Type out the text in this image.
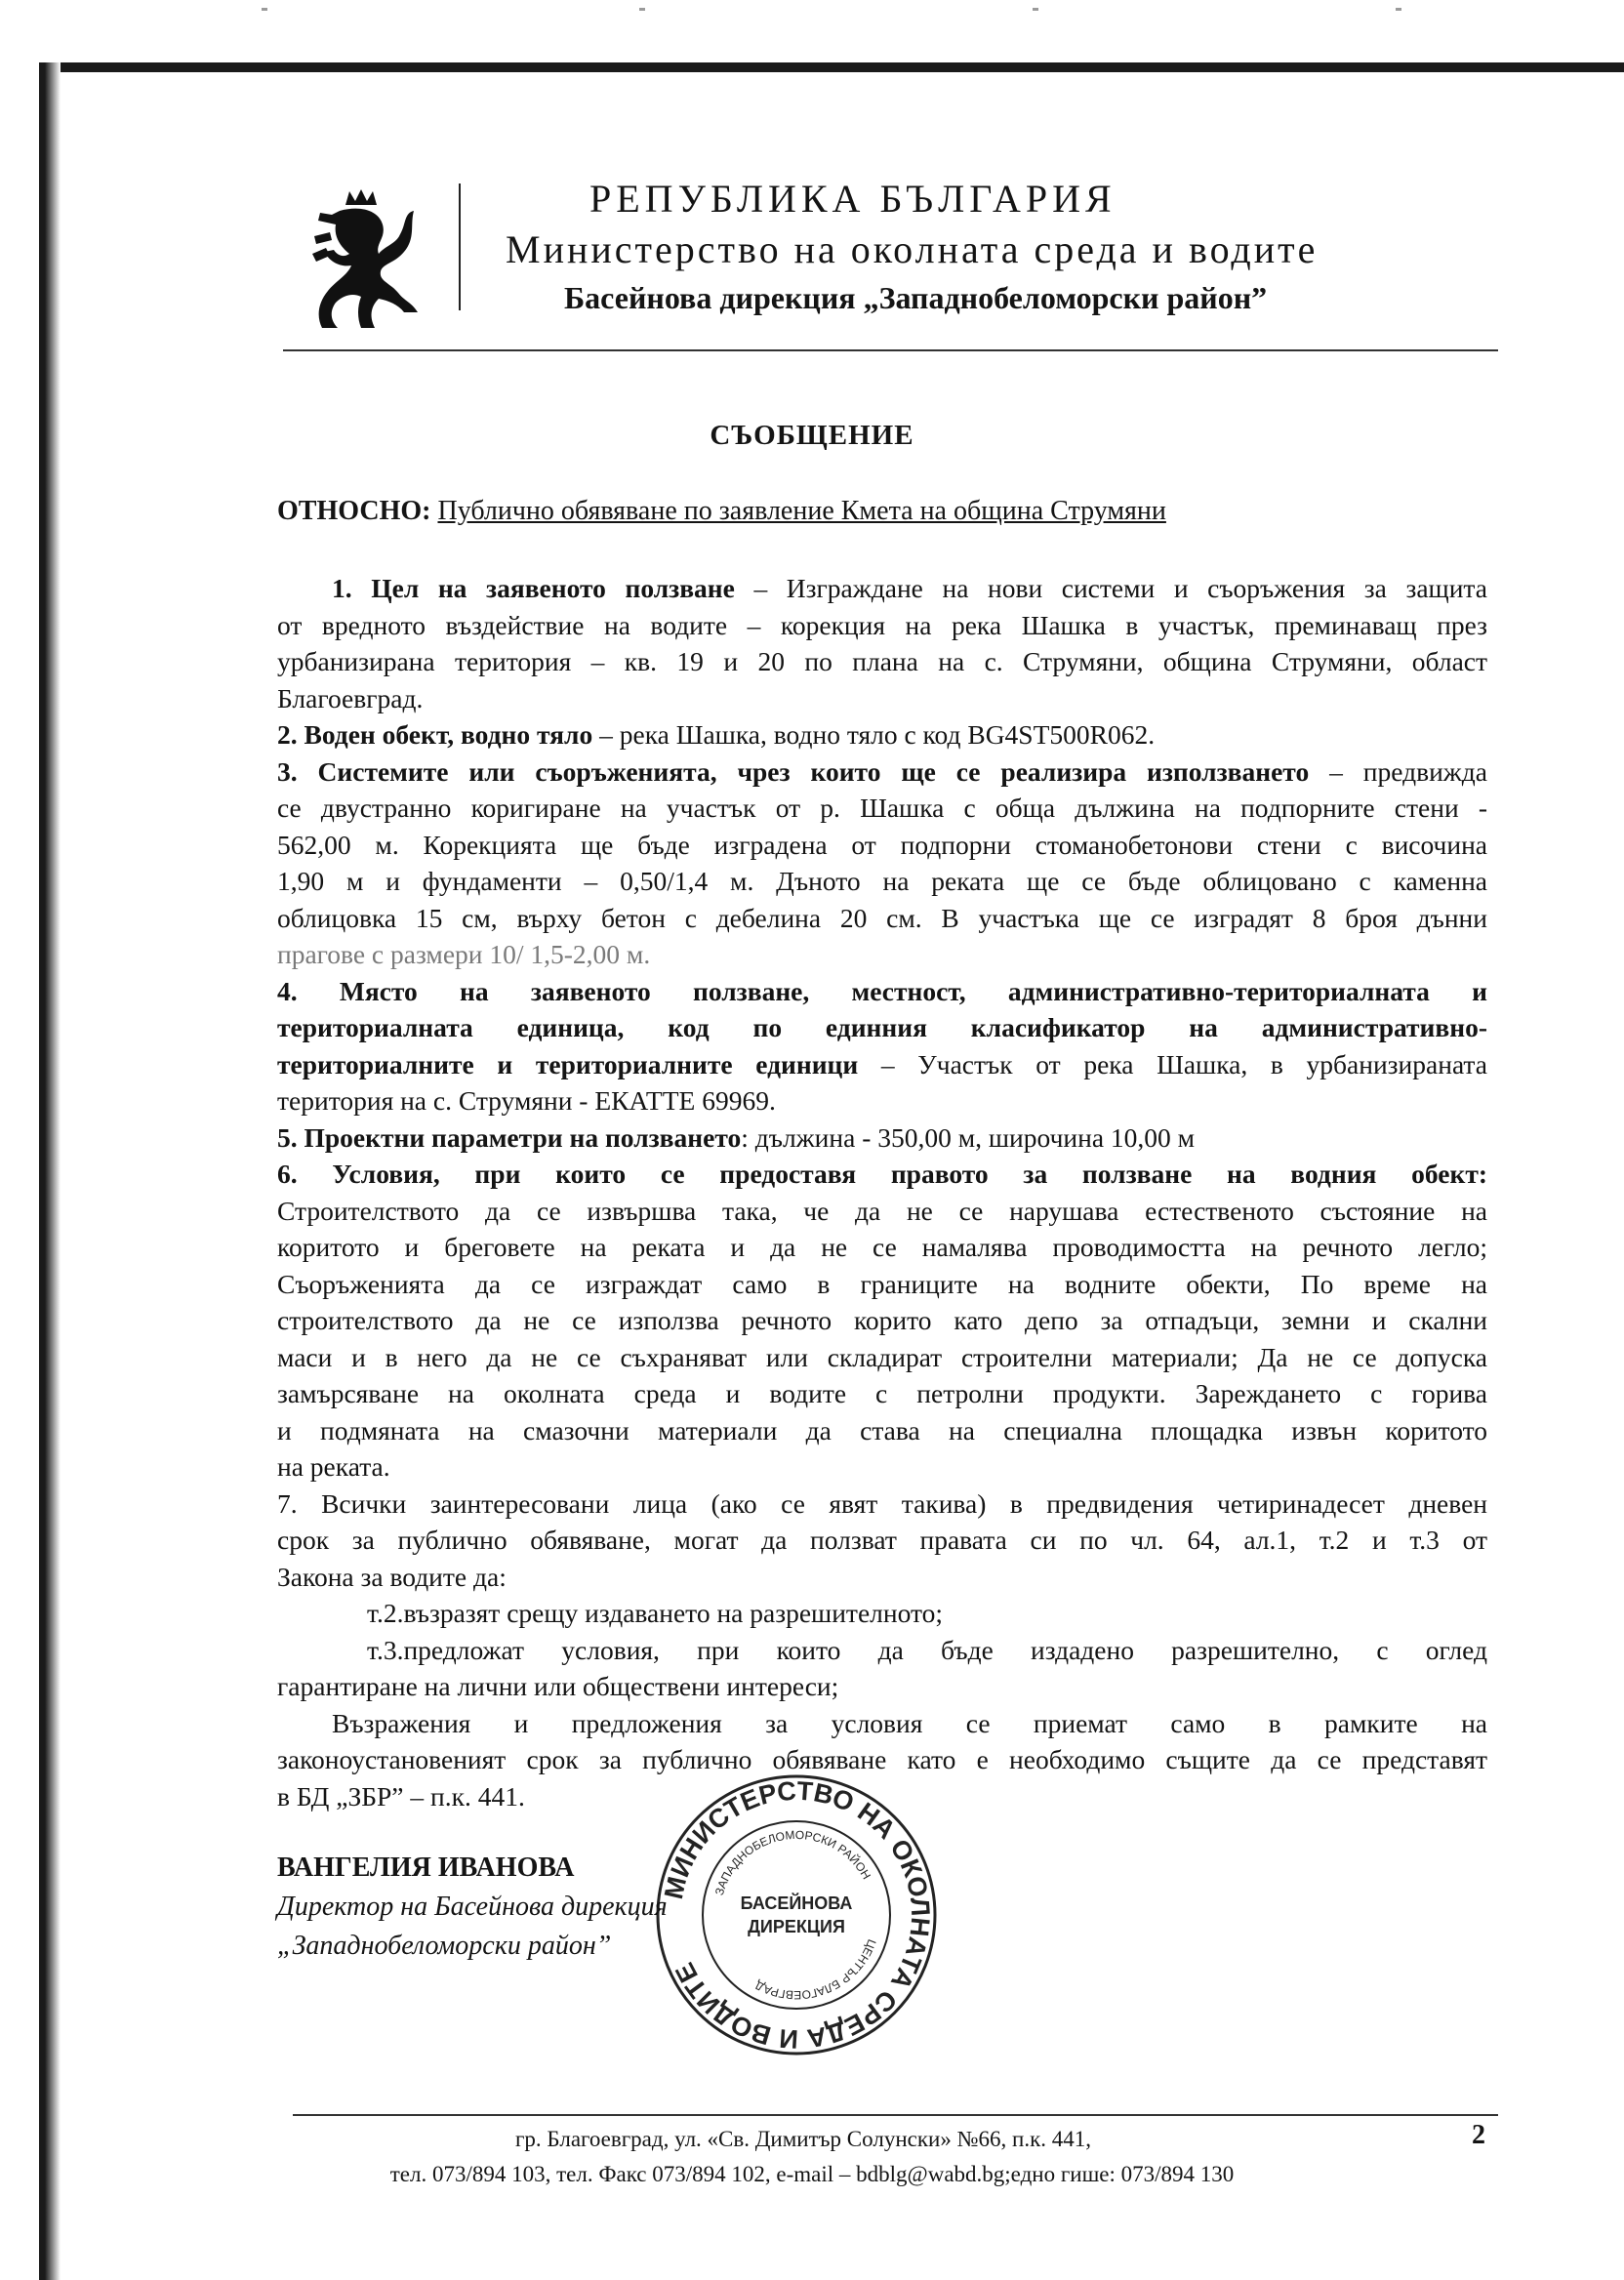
РЕПУБЛИКА БЪЛГАРИЯ
Министерство на околната среда и водите
Басейнова дирекция „Западнобеломорски район”
СЪОБЩЕНИЕ
ОТНОСНО: Публично обявяване по заявление Кмета на община Струмяни
1. Цел на заявеното ползване – Изграждане на нови системи и съоръжения за защита
от вредното въздействие на водите – корекция на река Шашка в участък, преминаващ през
урбанизирана територия – кв. 19 и 20 по плана на с. Струмяни, община Струмяни, област
Благоевград.
2. Воден обект, водно тяло – река Шашка, водно тяло с код BG4ST500R062.
3. Системите или съоръженията, чрез които ще се реализира използването – предвижда
се двустранно коригиране на участък от р. Шашка с обща дължина на подпорните стени -
562,00 м. Корекцията ще бъде изградена от подпорни стоманобетонови стени с височина
1,90 м и фундаменти – 0,50/1,4 м. Дъното на реката ще се бъде облицовано с каменна
облицовка 15 см, върху бетон с дебелина 20 см. В участъка ще се изградят 8 броя дънни
прагове с размери 10/ 1,5-2,00 м.
4. Място на заявеното ползване, местност, административно-териториалната и
териториалната единица, код по единния класификатор на административно-
териториалните и териториалните единици – Участък от река Шашка, в урбанизираната
територия на с. Струмяни - ЕКАТТЕ 69969.
5. Проектни параметри на ползването: дължина - 350,00 м, широчина 10,00 м
6. Условия, при които се предоставя правото за ползване на водния обект:
Строителството да се извършва така, че да не се нарушава естественото състояние на
коритото и бреговете на реката и да не се намалява проводимостта на речното легло;
Съоръженията да се изграждат само в границите на водните обекти, По време на
строителството да не се използва речното корито като депо за отпадъци, земни и скални
маси и в него да не се съхраняват или складират строителни материали; Да не се допуска
замърсяване на околната среда и водите с петролни продукти. Зареждането с горива
и подмяната на смазочни материали да става на специална площадка извън коритото
на реката.
7. Всички заинтересовани лица (ако се явят такива) в предвидения четиринадесет дневен
срок за публично обявяване, могат да ползват правата си по чл. 64, ал.1, т.2 и т.3 от
Закона за водите да:
т.2.възразят срещу издаването на разрешителното;
т.3.предложат условия, при които да бъде издадено разрешително, с оглед
гарантиране на лични или обществени интереси;
Възражения и предложения за условия се приемат само в рамките на
законоустановеният срок за публично обявяване като е необходимо същите да се представят
в БД „ЗБР” – п.к. 441.
ВАНГЕЛИЯ ИВАНОВА
Директор на Басейнова дирекция
„Западнобеломорски район”
МИНИСТЕРСТВО НА ОКОЛНАТА СРЕДА И ВОДИТЕ
ЗАПАДНОБЕЛОМОРСКИ РАЙОН
ЦЕНТЪР БЛАГОЕВГРАД
БАСЕЙНОВА
ДИРЕКЦИЯ
гр. Благоевград, ул. «Св. Димитър Солунски» №66, п.к. 441,
тел. 073/894 103, тел. Факс 073/894 102, e-mail – bdblg@wabd.bg;едно гише: 073/894 130
2
